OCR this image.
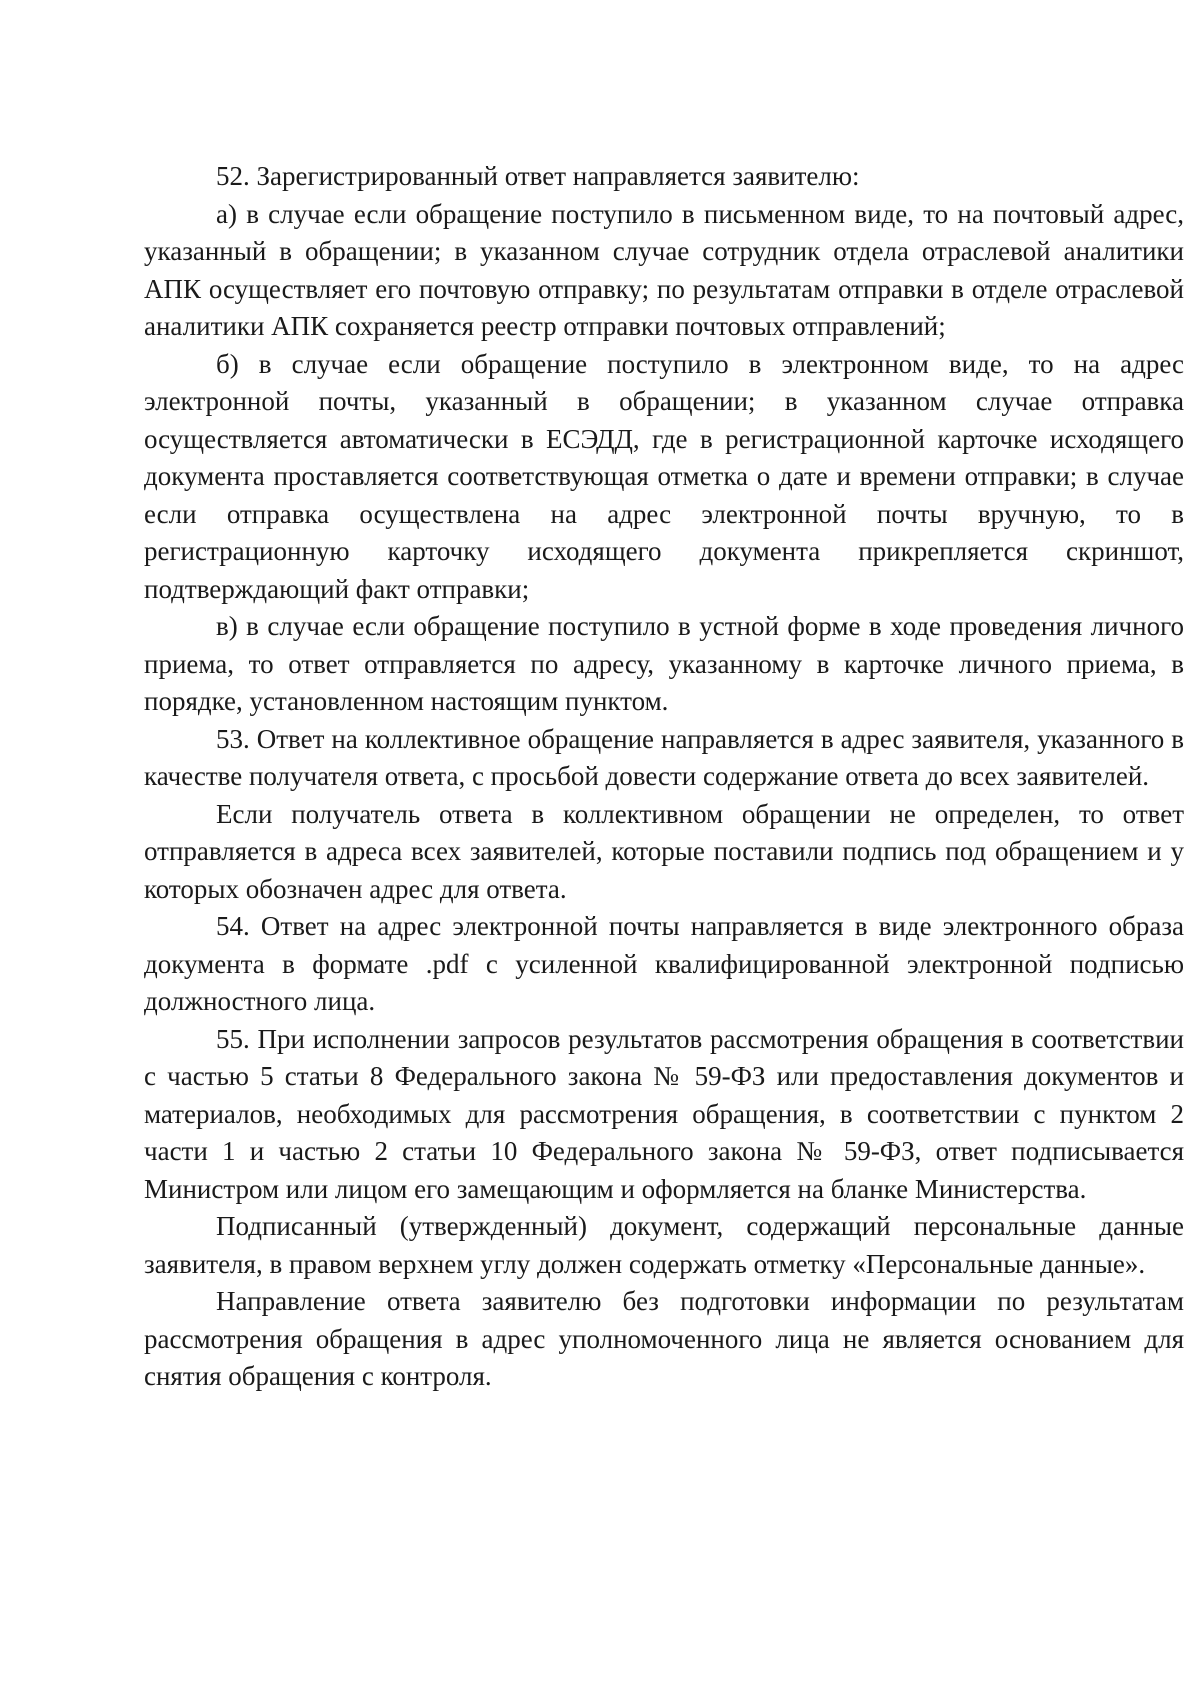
52. Зарегистрированный ответ направляется заявителю:

а) в случае если обращение поступило в письменном виде, то на почтовый адрес, указанный в обращении; в указанном случае сотрудник отдела отраслевой аналитики АПК осуществляет его почтовую отправку; по результатам отправки в отделе отраслевой аналитики АПК сохраняется реестр отправки почтовых отправлений;

б) в случае если обращение поступило в электронном виде, то на адрес электронной почты, указанный в обращении; в указанном случае отправка осуществляется автоматически в ЕСЭДД, где в регистрационной карточке исходящего документа проставляется соответствующая отметка о дате и времени отправки; в случае если отправка осуществлена на адрес электронной почты вручную, то в регистрационную карточку исходящего документа прикрепляется скриншот, подтверждающий факт отправки;

в) в случае если обращение поступило в устной форме в ходе проведения личного приема, то ответ отправляется по адресу, указанному в карточке личного приема, в порядке, установленном настоящим пунктом.

53. Ответ на коллективное обращение направляется в адрес заявителя, указанного в качестве получателя ответа, с просьбой довести содержание ответа до всех заявителей.

Если получатель ответа в коллективном обращении не определен, то ответ отправляется в адреса всех заявителей, которые поставили подпись под обращением и у которых обозначен адрес для ответа.

54. Ответ на адрес электронной почты направляется в виде электронного образа документа в формате .pdf с усиленной квалифицированной электронной подписью должностного лица.

55. При исполнении запросов результатов рассмотрения обращения в соответствии с частью 5 статьи 8 Федерального закона № 59-ФЗ или предоставления документов и материалов, необходимых для рассмотрения обращения, в соответствии с пунктом 2 части 1 и частью 2 статьи 10 Федерального закона № 59-ФЗ, ответ подписывается Министром или лицом его замещающим и оформляется на бланке Министерства.

Подписанный (утвержденный) документ, содержащий персональные данные заявителя, в правом верхнем углу должен содержать отметку «Персональные данные».

Направление ответа заявителю без подготовки информации по результатам рассмотрения обращения в адрес уполномоченного лица не является основанием для снятия обращения с контроля.
